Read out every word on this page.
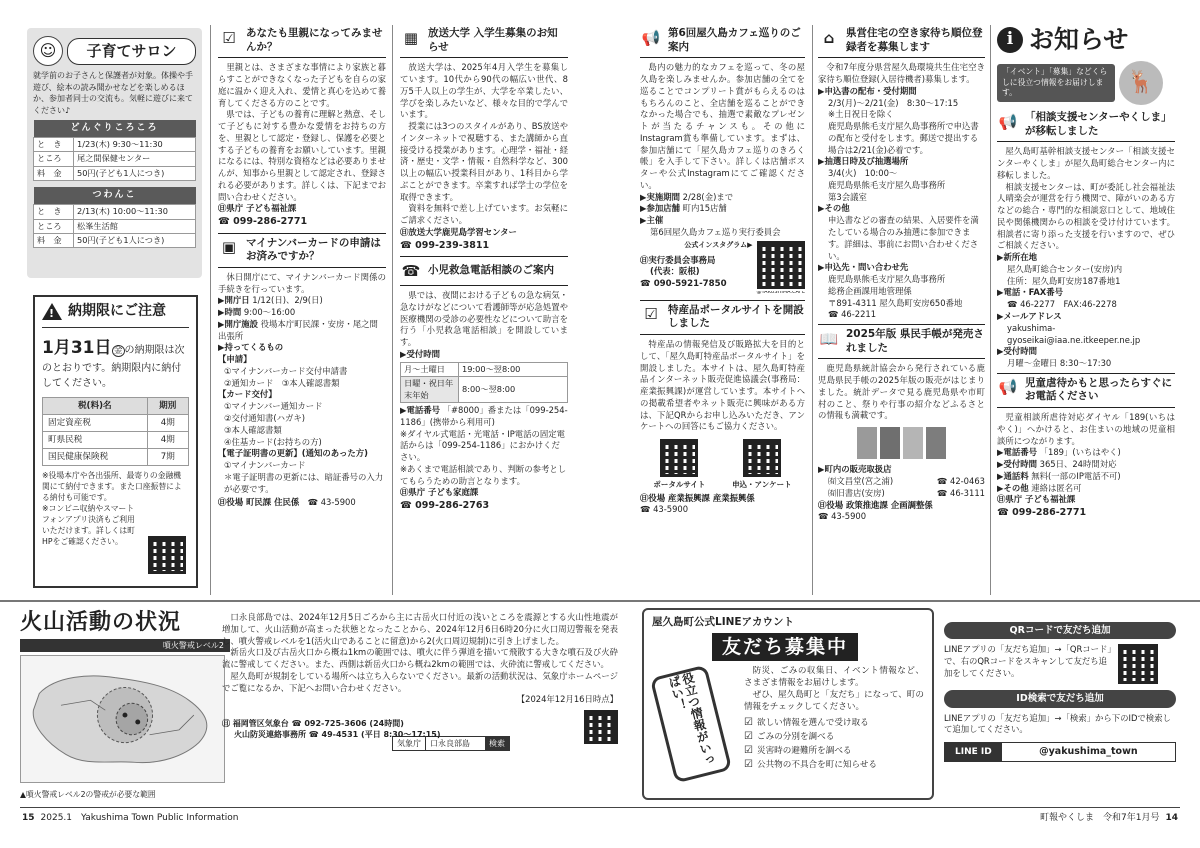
☺	子育てサロン
就学前のお子さんと保護者が対象。体操や手遊び、絵本の読み聞かせなどを楽しめるほか、参加者同士の交流も。気軽に遊びに来てください♪
どんぐりころころ	
と　き	1/23(木) 9:30～11:30
ところ	尾之間保健センター
料　金	50円(子ども1人につき)
つわんこ	
と　き	2/13(木) 10:00～11:30
ところ	松峯生活館
料　金	50円(子ども1人につき)
! 納期限にご注意
1月31日 金 の納期限は次のとおりです。納期限内に納付してください。
税(料)名	期別
固定資産税	4期
町県民税	4期
国民健康保険税	7期
※役場本庁や各出張所、最寄りの金融機関にて納付できます。また口座振替による納付も可能です。
※コンビニ収納やスマートフォンアプリ決済もご利用いただけます。詳しくは町HPをご確認ください。
☑ あなたも里親になってみませんか？
里親とは、さまざまな事情により家族と暮らすことができなくなった子どもを自らの家庭に温かく迎え入れ、愛情と真心を込めて養育してくださる方のことです。
県では、子どもの養育に理解と熱意、そして子どもに対する豊かな愛情をお持ちの方を、里親として認定・登録し、保護を必要とする子どもの養育をお願いしています。里親になるには、特別な資格などは必要ありませんが、知事から里親として認定され、登録される必要があります。詳しくは、下記までお問い合わせください。
㊐県庁 子ども福祉課
☎ 099-286-2771
▣ マイナンバーカードの申請はお済みですか？
休日開庁にて、マイナンバーカード関係の手続きを行っています。
▶開庁日 1/12(日)、2/9(日)
▶時間 9:00～16:00
▶開庁施設 役場本庁町民課・安房・尾之間出張所
▶持ってくるもの
【申請】
①マイナンバーカード交付申請書
②通知カード　③本人確認書類
【カード交付】
①マイナンバー通知カード
②交付通知書(ハガキ)
③本人確認書類
④住基カード(お持ちの方)
【電子証明書の更新】(通知のあった方)
①マイナンバーカード
＊電子証明書の更新には、暗証番号の入力が必要です。
㊐役場 町民課 住民係　 ☎ 43-5900
▦ 放送大学 入学生募集のお知らせ
放送大学は、2025年4月入学生を募集しています。10代から90代の幅広い世代、8万5千人以上の学生が、大学を卒業したい、学びを楽しみたいなど、様々な目的で学んでいます。
授業には3つのスタイルがあり、BS放送やインターネットで視聴する、また講師から直接受ける授業があります。心理学・福祉・経済・歴史・文学・情報・自然科学など、300以上の幅広い授業科目があり、1科目から学ぶことができます。卒業すれば学士の学位を取得できます。
資料を無料で差し上げています。お気軽にご請求ください。
㊐放送大学鹿児島学習センター
☎ 099-239-3811
☎ 小児救急電話相談のご案内
県では、夜間における子どもの急な病気・急なけがなどについて看護師等が応急処置や医療機関の受診の必要性などについて助言を行う「小児救急電話相談」を開設しています。
▶受付時間
月～土曜日	19:00～翌8:00
日曜・祝日年末年始	8:00～翌8:00
▶電話番号 「#8000」番または「099-254-1186」(携帯から利用可)
※ダイヤル式電話・光電話・IP電話の固定電話からは「099-254-1186」におかけください。
※あくまで電話相談であり、判断の参考としてもらうための助言となります。
㊐県庁 子ども家庭課
☎ 099-286-2763
📢 第6回屋久島カフェ巡りのご案内
島内の魅力的なカフェを巡って、冬の屋久島を楽しみませんか。参加店舗の全てを巡ることでコンプリート賞がもらえるのはもちろんのこと、全店舗を巡ることができなかった場合でも、抽選で素敵なプレゼントが当たるチャンスも。その他にInstagram賞も準備しています。まずは、参加店舗にて「屋久島カフェ巡りのきろく帳」を入手して下さい。詳しくは店舗ポスターや公式Instagramにてご確認ください。
▶実施期間 2/28(金)まで
▶参加店舗 町内15店舗
▶主催
第6回屋久島カフェ巡り実行委員会
公式インスタグラム▶
㊐実行委員会事務局
(代表：阪根)
☎ 090-5921-7850
@YAKUSHIMA.CAFE
☑ 特産品ポータルサイトを開設しました
特産品の情報発信及び販路拡大を目的として、「屋久島町特産品ポータルサイト」を開設しました。本サイトは、屋久島町特産品インターネット販売促進協議会(事務局：産業振興課)が運営しています。本サイトへの掲載希望者やネット販売に興味がある方は、下記QRからお申し込みいただき、アンケートへの回答にもご協力ください。
ポータルサイト	申込・アンケート
㊐役場 産業振興課 産業振興係
☎ 43-5900
⌂	県営住宅の空き家待ち順位登録者を募集します
令和7年度分県営屋久島環境共生住宅空き家待ち順位登録(入居待機者)募集します。
▶申込書の配布・受付期間
2/3(月)～2/21(金)　8:30～17:15
※土日祝日を除く
鹿児島県熊毛支庁屋久島事務所で申込書の配布と受付をします。郵送で提出する場合は2/21(金)必着です。
▶抽選日時及び抽選場所
3/4(火)　10:00～
鹿児島県熊毛支庁屋久島事務所
第3会議室
▶その他
申込書などの審査の結果、入居要件を満たしている場合のみ抽選に参加できます。詳細は、事前にお問い合わせください。
▶申込先・問い合わせ先
鹿児島県熊毛支庁屋久島事務所
総務企画課用地管理係
〒891-4311 屋久島町安房650番地
☎ 46-2211
📖 2025年版 県民手帳が発売されました
鹿児島県統計協会から発行されている鹿児島県民手帳の2025年版の販売がはじまりました。統計データで見る鹿児島県や市町村のこと、祭りや行事の紹介などふるさとの情報も満載です。
▶町内の販売取扱店
㈲文昌堂(宮之浦)	☎ 42-0463
㈲旧書店(安房)	☎ 46-3111
㊐役場 政策推進課 企画調整係
☎ 43-5900
i お知らせ
「イベント」「募集」などくらしに役立つ情報をお届けします。	🦌
📢 「相談支援センターやくしま」が移転しました
屋久島町基幹相談支援センター「相談支援センターやくしま」が屋久島町総合センター内に移転しました。
相談支援センターは、町が委託し社会福祉法人晴楽会が運営を行う機関で、障がいのある方などの総合・専門的な相談窓口として、地域住民や関係機関からの相談を受け付けています。相談者に寄り添った支援を行いますので、ぜひご相談ください。
▶新所在地
屋久島町総合センター(安房)内
住所：屋久島町安房187番地1
▶電話・FAX番号
☎ 46-2277　FAX:46-2278
▶メールアドレス
yakushima-gyoseikai@iaa.ne.itkeeper.ne.jp
▶受付時間
月曜～金曜日 8:30～17:30
📢 児童虐待かもと思ったらすぐにお電話ください
児童相談所虐待対応ダイヤル「189(いちはやく)」へかけると、お住まいの地域の児童相談所につながります。
▶電話番号 「189」(いちはやく)
▶受付時間 365日、24時間対応
▶通話料 無料(一部のIP電話不可)
▶その他 連絡は匿名可
㊐県庁 子ども福祉課
☎ 099-286-2771
火山活動の状況
噴火警戒レベル2
▲噴火警戒レベル2の警戒が必要な範囲
口永良部島では、2024年12月5日ごろから主に古岳火口付近の浅いところを震源とする火山性地震が増加して、火山活動が高まった状態となったことから、2024年12月6日6時20分に火口周辺警報を発表し、噴火警戒レベルを1(活火山であることに留意)から2(火口周辺規制)に引き上げました。
新岳火口及び古岳火口から概ね1kmの範囲では、噴火に伴う弾道を描いて飛散する大きな噴石及び火砕流に警戒してください。また、西側は新岳火口から概ね2kmの範囲では、火砕流に警戒してください。
屋久島町が規制をしている場所へは立ち入らないでください。最新の活動状況は、気象庁ホームページでご覧になるか、下記へお問い合わせください。
【2024年12月16日時点】
㊐ 福岡管区気象台 ☎ 092-725-3606 (24時間)
火山防災連絡事務所 ☎ 49-4531 (平日 8:30～17:15)
気象庁	口永良部島	検索
屋久島町公式LINEアカウント
友だち募集中
役立つ情報がいっぱい！
防災、ごみの収集日、イベント情報など、さまざま情報をお届けします。
ぜひ、屋久島町と「友だち」になって、町の情報をチェックしてください。
☑ 欲しい情報を選んで受け取る
☑ ごみの分別を調べる
☑ 災害時の避難所を調べる
☑ 公共物の不具合を町に知らせる
QRコードで友だち追加
LINEアプリの「友だち追加」→「QRコード」で、右のQRコードをスキャンして友だち追加をしてください。
ID検索で友だち追加
LINEアプリの「友だち追加」→「検索」から下のIDで検索して追加してください。
LINE ID	@yakushima_town
15 2025.1　Yakushima Town Public Information	町報やくしま　令和7年1月号 14
